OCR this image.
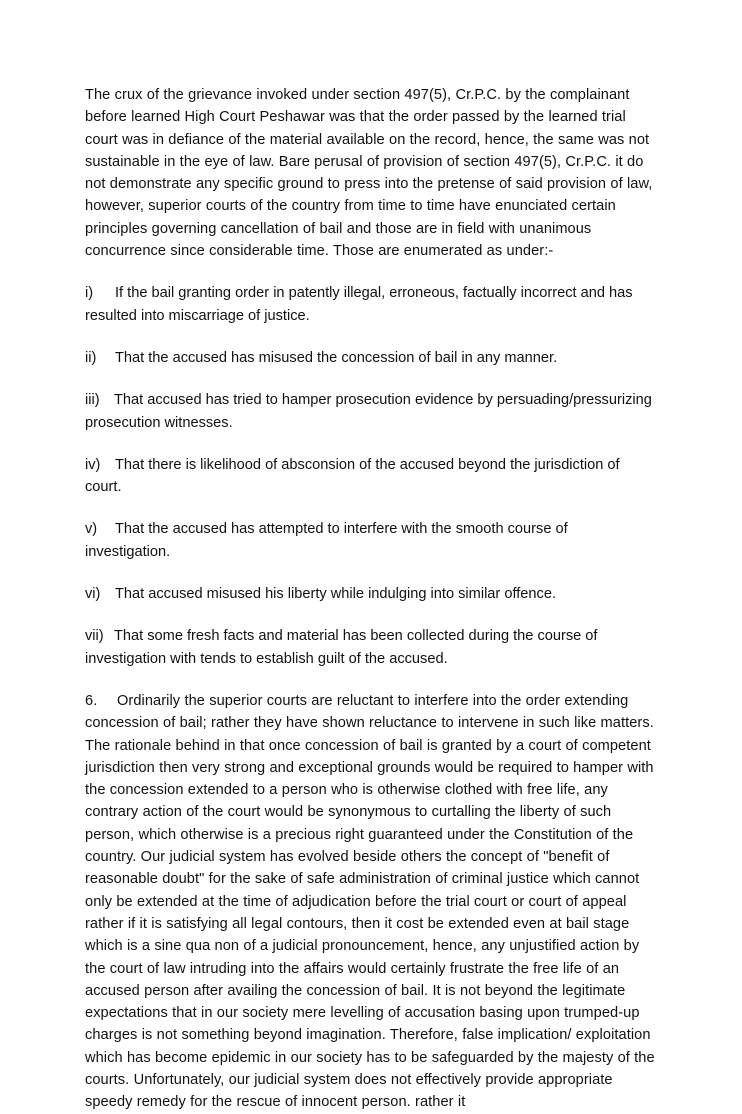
The crux of the grievance invoked under section 497(5), Cr.P.C. by the complainant before learned High Court Peshawar was that the order passed by the learned trial court was in defiance of the material available on the record, hence, the same was not sustainable in the eye of law. Bare perusal of provision of section 497(5), Cr.P.C. it do not demonstrate any specific ground to press into the pretense of said provision of law, however, superior courts of the country from time to time have enunciated certain principles governing cancellation of bail and those are in field with unanimous concurrence since considerable time. Those are enumerated as under:-

i) If the bail granting order in patently illegal, erroneous, factually incorrect and has resulted into miscarriage of justice.

ii) That the accused has misused the concession of bail in any manner.

iii) That accused has tried to hamper prosecution evidence by persuading/pressurizing prosecution witnesses.

iv) That there is likelihood of absconsion of the accused beyond the jurisdiction of court.

v) That the accused has attempted to interfere with the smooth course of investigation.

vi) That accused misused his liberty while indulging into similar offence.

vii) That some fresh facts and material has been collected during the course of investigation with tends to establish guilt of the accused.

6. Ordinarily the superior courts are reluctant to interfere into the order extending concession of bail; rather they have shown reluctance to intervene in such like matters. The rationale behind in that once concession of bail is granted by a court of competent jurisdiction then very strong and exceptional grounds would be required to hamper with the concession extended to a person who is otherwise clothed with free life, any contrary action of the court would be synonymous to curtalling the liberty of such person, which otherwise is a precious right guaranteed under the Constitution of the country. Our judicial system has evolved beside others the concept of "benefit of reasonable doubt" for the sake of safe administration of criminal justice which cannot only be extended at the time of adjudication before the trial court or court of appeal rather if it is satisfying all legal contours, then it cost be extended even at bail stage which is a sine qua non of a judicial pronouncement, hence, any unjustified action by the court of law intruding into the affairs would certainly frustrate the free life of an accused person after availing the concession of bail. It is not beyond the legitimate expectations that in our society mere levelling of accusation basing upon trumped-up charges is not something beyond imagination. Therefore, false implication/ exploitation which has become epidemic in our society has to be safeguarded by the majesty of the courts. Unfortunately, our judicial system does not effectively provide appropriate speedy remedy for the rescue of innocent person. rather it
